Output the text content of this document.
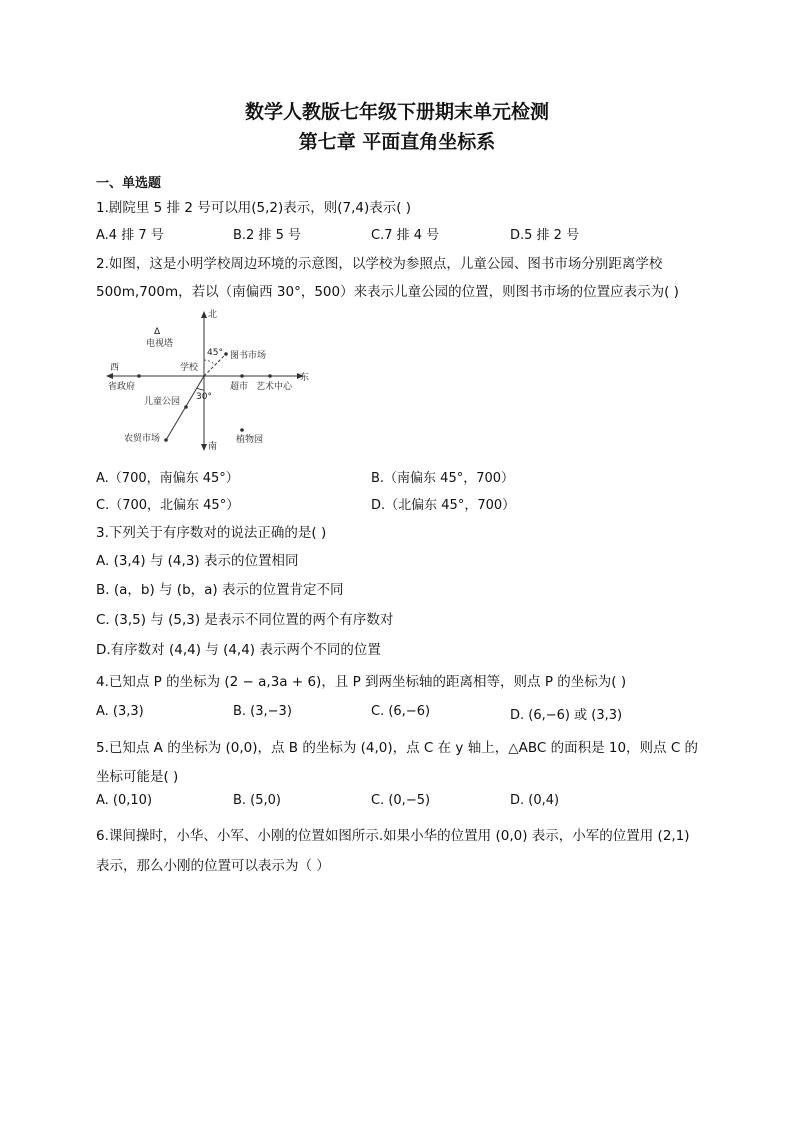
数学人教版七年级下册期末单元检测
第七章 平面直角坐标系
一、单选题
1.剧院里 5 排 2 号可以用(5,2)表示，则(7,4)表示( )
A.4 排 7 号	B.2 排 5 号	C.7 排 4 号	D.5 排 2 号
2.如图，这是小明学校周边环境的示意图，以学校为参照点，儿童公园、图书市场分别距离学校
500m,700m，若以（南偏西 30°，500）来表示儿童公园的位置，则图书市场的位置应表示为( )
北
南
东
西
Δ
电视塔
学校
图书市场
45°
省政府	超市 艺术中心
30°
儿童公园
农贸市场	植物园
A.（700，南偏东 45°）	B.（南偏东 45°，700）
C.（700，北偏东 45°）	D.（北偏东 45°，700）
3.下列关于有序数对的说法正确的是( )
A. (3,4) 与 (4,3) 表示的位置相同
B. (a，b) 与 (b，a) 表示的位置肯定不同
C. (3,5) 与 (5,3) 是表示不同位置的两个有序数对
D.有序数对 (4,4) 与 (4,4) 表示两个不同的位置
4.已知点 P 的坐标为 (2 − a,3a + 6)，且 P 到两坐标轴的距离相等，则点 P 的坐标为( )
A. (3,3)	B. (3,−3)	C. (6,−6)	D. (6,−6) 或 (3,3)
5.已知点 A 的坐标为 (0,0)，点 B 的坐标为 (4,0)，点 C 在 y 轴上，△ABC 的面积是 10，则点 C 的
坐标可能是( )
A. (0,10)	B. (5,0)	C. (0,−5)	D. (0,4)
6.课间操时，小华、小军、小刚的位置如图所示.如果小华的位置用 (0,0) 表示，小军的位置用 (2,1)
表示，那么小刚的位置可以表示为（ ）
